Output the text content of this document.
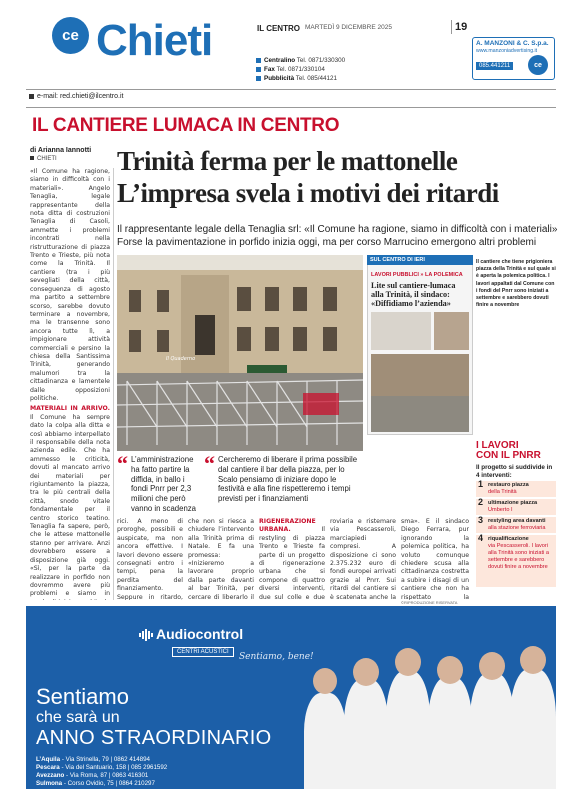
ce Chieti	IL CENTRO MARTEDÌ 9 DICEMBRE 2025	19
Centralino Tel. 0871/330300
Fax Tel. 0871/330104
Pubblicità Tel. 085/44121
A. MANZONI & C. S.p.a.
www.manzoniadvertising.it
085.441211	ce
e-mail: red.chieti@ilcentro.it
IL CANTIERE LUMACA IN CENTRO
di Arianna Iannotti
CHIETI Trinità ferma per le mattonelle
L’impresa svela i motivi dei ritardi
Il rappresentante legale della Tenaglia srl: «Il Comune ha ragione, siamo in difficoltà con i materiali»
Forse la pavimentazione in porfido inizia oggi, ma per corso Marrucino emergono altri problemi

«Il Comune ha ragione, siamo in difficoltà con i materiali». Angelo Tenaglia, legale rappresentante della nota ditta di costruzioni Tenaglia di Casoli, ammette i problemi incontrati nella ristrutturazione di piazza Trento e Trieste, più nota come la Trinità. Il cantiere (tra i più sevegliati della città, conseguenza di agosto ma partito a settembre scorso, sarebbe dovuto terminare a novembre, ma le transenne sono ancora tutte lì, a impigionare attività commerciali e persino la chiesa della Santissima Trinità, generando malumori tra la cittadinanza e lamentele dalle opposizioni politiche.

MATERIALI IN ARRIVO. Il Comune ha sempre dato la colpa alla ditta e così abbiamo interpellato il responsabile della nota azienda edile. Che ha ammesso le criticità, dovuti al mancato arrivo dei materiali per rigiuntamento la piazza, tra le più centrali della città, snodo vitale fondamentale per il centro storico teatino. Tenaglia fa sapere, però, che le attese mattonelle stanno per arrivare. Anzi dovrebbero essere a disposizione già oggi. «Sì, per la parte da realizzare in porfido non dovremmo avere più problemi e siamo in

Il Quaderno
SUL CENTRO DI IERI
LAVORI PUBBLICI » LA POLEMICA
Lite sul cantiere-lumaca alla Trinità, il sindaco: «Diffidiamo l’azienda»
Il cantiere che tiene prigioniera piazza della Trinità e sul quale si è aperta la polemica politica. I lavori appaltati dal Comune con i fondi del Pnrr sono iniziati a settembre e sarebbero dovuti finire a novembre
I LAVORI
CON IL PNRR
Il progetto si suddivide in 4 interventi:
1 restauro piazza
della Trinità
2 ultimazione piazza
Umberto I
3 restyling area davanti
alla stazione ferroviaria
4 riqualificazione
via Pescasseroli. I lavori alla Trinità sono iniziati a settembre e sarebbero dovuti finire a novembre
“ L’amministrazione ha fatto partire la diffida, in ballo i fondi Pnrr per 2,3 milioni che però vanno in scadenza
“ Cercheremo di liberare il prima possibile dal cantiere il bar della piazza, per lo Scalo pensiamo di iniziare dopo le festività e alla fine rispetteremo i tempi previsti per i finanziamenti
rici. A meno di proroghe, possibili e auspicate, ma non ancora effettive. I lavori devono essere consegnati entro i tempi, pena la perdita del finanziamento. Seppure in ritardo,
che non si riesca a chiudere l’intervento alla Trinità prima di Natale. E fa una promessa: «Inizieremo a lavorare proprio dalla parte davanti al bar Trinità, per cercare di liberarlo il
RIGENERAZIONE URBANA.	Il restyling di piazza Trento e Trieste fa parte di un progetto di rigenerazione urbana che si compone di quattro diversi interventi, due sul colle e due
roviaria e ristemare via Pescasseroli, marciapiedi compresi. A disposizione ci sono 2.375.232 euro di fondi europei arrivati grazie al Pnrr. Sui ritardi del cantiere si è scatenata anche la
sma». E il sindaco Diego Ferrara, pur ignorando la polemica politica, ha voluto comunque chiedere scusa alla cittadinanza costretta a subire i disagi di un cantiere che non ha rispettato la
©RIPRODUZIONE RISERVATA
Audiocontrol
CENTRI ACUSTICI	Sentiamo, bene!
Sentiamo
che sarà un
ANNO STRAORDINARIO
L’Aquila - Via Strinella, 79 | 0862 414894
Pescara - Via del Santuario, 158 | 085 2961592
Avezzano - Via Roma, 87 | 0863 416301
Sulmona - Corso Ovidio, 75 | 0864 210297
